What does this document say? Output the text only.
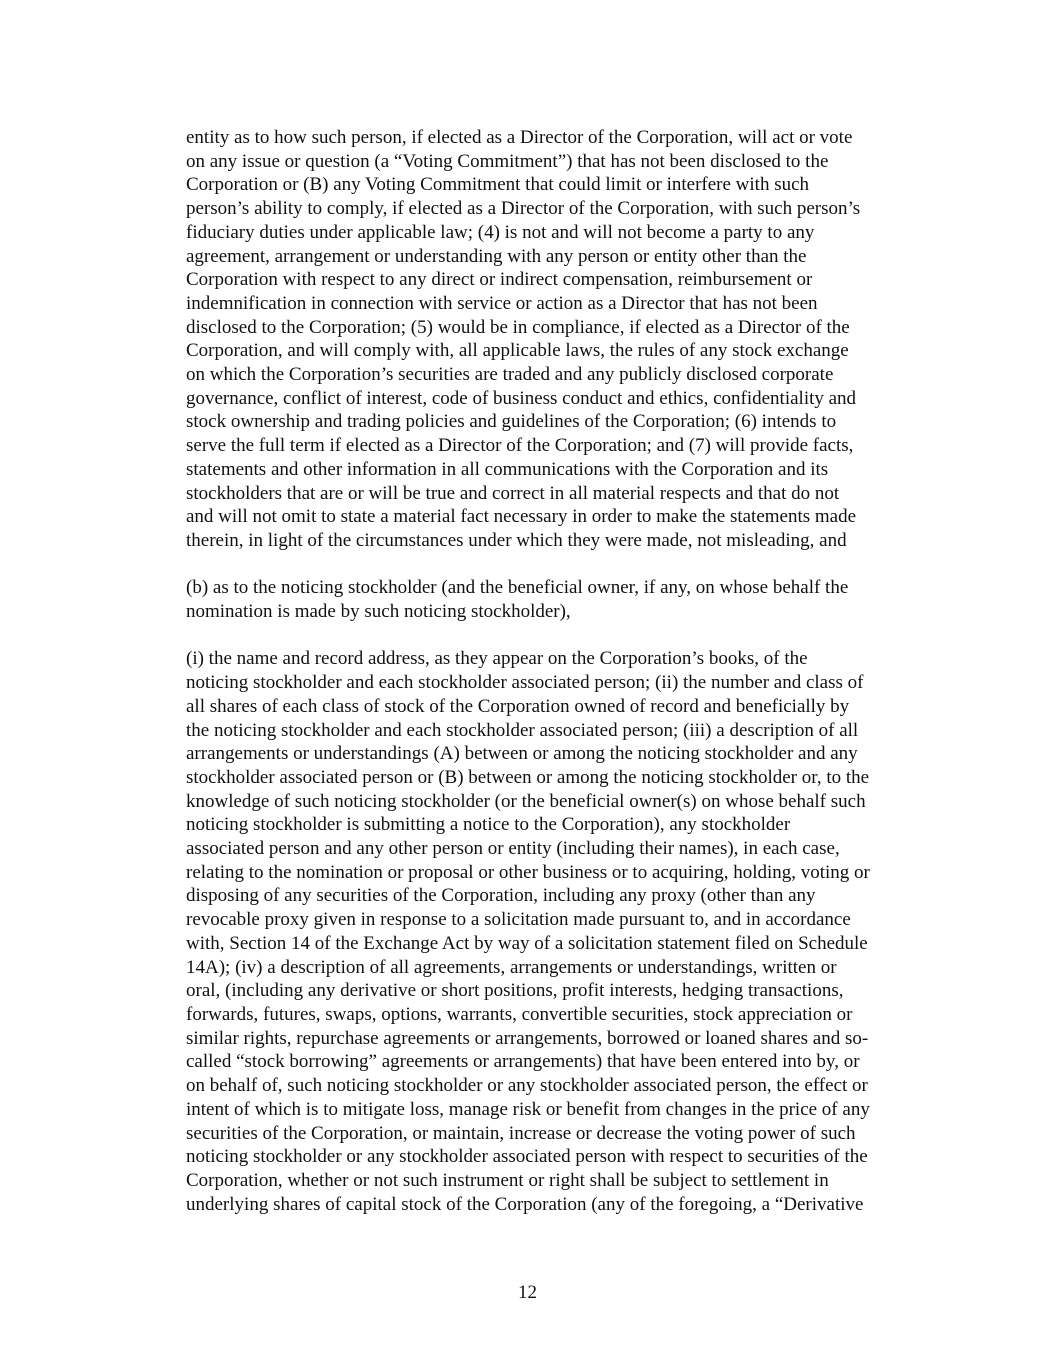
entity as to how such person, if elected as a Director of the Corporation, will act or vote
on any issue or question (a “Voting Commitment”) that has not been disclosed to the
Corporation or (B) any Voting Commitment that could limit or interfere with such
person’s ability to comply, if elected as a Director of the Corporation, with such person’s
fiduciary duties under applicable law; (4) is not and will not become a party to any
agreement, arrangement or understanding with any person or entity other than the
Corporation with respect to any direct or indirect compensation, reimbursement or
indemnification in connection with service or action as a Director that has not been
disclosed to the Corporation; (5) would be in compliance, if elected as a Director of the
Corporation, and will comply with, all applicable laws, the rules of any stock exchange
on which the Corporation’s securities are traded and any publicly disclosed corporate
governance, conflict of interest, code of business conduct and ethics, confidentiality and
stock ownership and trading policies and guidelines of the Corporation; (6) intends to
serve the full term if elected as a Director of the Corporation; and (7) will provide facts,
statements and other information in all communications with the Corporation and its
stockholders that are or will be true and correct in all material respects and that do not
and will not omit to state a material fact necessary in order to make the statements made
therein, in light of the circumstances under which they were made, not misleading, and
(b) as to the noticing stockholder (and the beneficial owner, if any, on whose behalf the
nomination is made by such noticing stockholder),
(i) the name and record address, as they appear on the Corporation’s books, of the
noticing stockholder and each stockholder associated person; (ii) the number and class of
all shares of each class of stock of the Corporation owned of record and beneficially by
the noticing stockholder and each stockholder associated person; (iii) a description of all
arrangements or understandings (A) between or among the noticing stockholder and any
stockholder associated person or (B) between or among the noticing stockholder or, to the
knowledge of such noticing stockholder (or the beneficial owner(s) on whose behalf such
noticing stockholder is submitting a notice to the Corporation), any stockholder
associated person and any other person or entity (including their names), in each case,
relating to the nomination or proposal or other business or to acquiring, holding, voting or
disposing of any securities of the Corporation, including any proxy (other than any
revocable proxy given in response to a solicitation made pursuant to, and in accordance
with, Section 14 of the Exchange Act by way of a solicitation statement filed on Schedule
14A); (iv) a description of all agreements, arrangements or understandings, written or
oral, (including any derivative or short positions, profit interests, hedging transactions,
forwards, futures, swaps, options, warrants, convertible securities, stock appreciation or
similar rights, repurchase agreements or arrangements, borrowed or loaned shares and so-
called “stock borrowing” agreements or arrangements) that have been entered into by, or
on behalf of, such noticing stockholder or any stockholder associated person, the effect or
intent of which is to mitigate loss, manage risk or benefit from changes in the price of any
securities of the Corporation, or maintain, increase or decrease the voting power of such
noticing stockholder or any stockholder associated person with respect to securities of the
Corporation, whether or not such instrument or right shall be subject to settlement in
underlying shares of capital stock of the Corporation (any of the foregoing, a “Derivative
12
